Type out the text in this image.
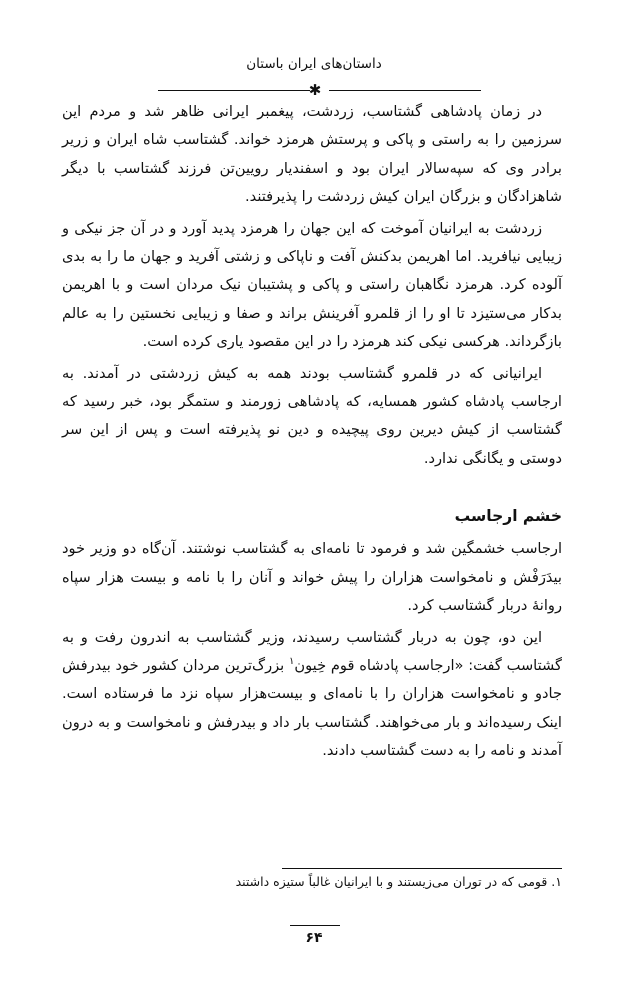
داستان‌های ایران باستان
✱

در زمان پادشاهی گشتاسب، زردشت، پیغمبر ایرانی ظاهر شد و مردم این سرزمین را به راستی و پاکی و پرستش هرمزد خواند. گشتاسب شاه ایران و زریر برادر وی که سپه‌سالار ایران بود و اسفندیار رویین‌تن فرزند گشتاسب با دیگر شاهزادگان و بزرگان ایران کیش زردشت را پذیرفتند.

زردشت به ایرانیان آموخت که این جهان را هرمزد پدید آورد و در آن جز نیکی و زیبایی نیافرید. اما اهریمن بدکنش آفت و ناپاکی و زشتی آفرید و جهان ما را به بدی آلوده کرد. هرمزد نگاهبان راستی و پاکی و پشتیبان نیک مردان است و با اهریمن بدکار می‌ستیزد تا او را از قلمرو آفرینش براند و صفا و زیبایی نخستین را به عالم بازگرداند. هرکسی نیکی کند هرمزد را در این مقصود یاری کرده است.

ایرانیانی که در قلمرو گشتاسب بودند همه به کیش زردشتی در آمدند. به ارجاسب پادشاه کشور همسایه، که پادشاهی زورمند و ستمگر بود، خبر رسید که گشتاسب از کیش دیرین روی پیچیده و دین نو پذیرفته است و پس از این سر دوستی و یگانگی ندارد.

خشم ارجاسب

ارجاسب خشمگین شد و فرمود تا نامه‌ای به گشتاسب نوشتند. آن‌گاه دو وزیر خود بیدَرَفْش و نامخواست هزاران را پیش خواند و آنان را با نامه و بیست هزار سپاه روانهٔ دربار گشتاسب کرد.

این دو، چون به دربار گشتاسب رسیدند، وزیر گشتاسب به اندرون رفت و به گشتاسب گفت: «ارجاسب پادشاه قوم خِیون$^۱$ بزرگ‌ترین مردان کشور خود بیدرفش جادو و نامخواست هزاران را با نامه‌ای و بیست‌هزار سپاه نزد ما فرستاده است. اینک رسیده‌اند و بار می‌خواهند. گشتاسب بار داد و بیدرفش و نامخواست و به درون آمدند و نامه را به دست گشتاسب دادند.

۱. قومی که در توران می‌زیستند و با ایرانیان غالباً ستیزه داشتند
۶۴
